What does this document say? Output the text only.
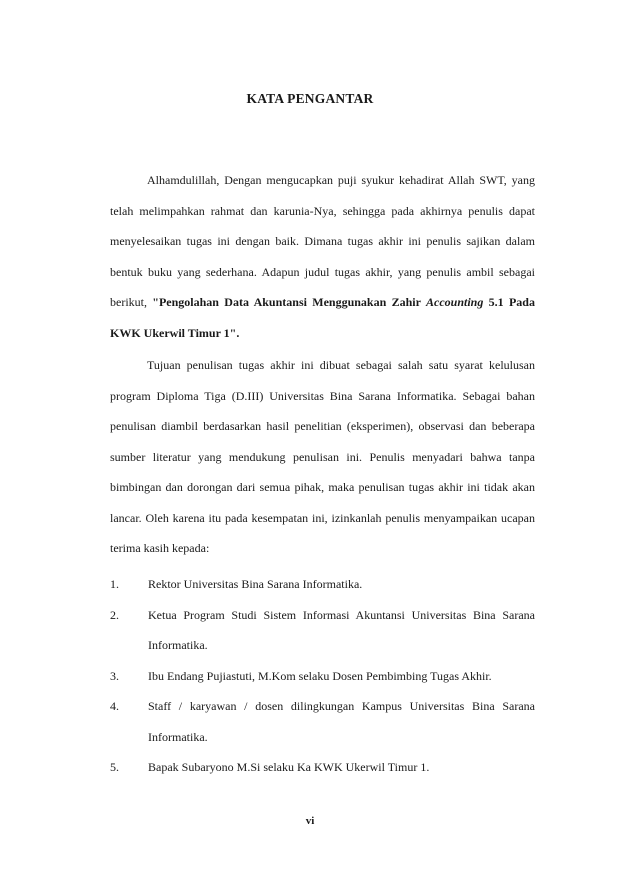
KATA PENGANTAR

Alhamdulillah, Dengan mengucapkan puji syukur kehadirat Allah SWT, yang telah melimpahkan rahmat dan karunia-Nya, sehingga pada akhirnya penulis dapat menyelesaikan tugas ini dengan baik. Dimana tugas akhir ini penulis sajikan dalam bentuk buku yang sederhana. Adapun judul tugas akhir, yang penulis ambil sebagai berikut, "Pengolahan Data Akuntansi Menggunakan Zahir Accounting 5.1 Pada KWK Ukerwil Timur 1".

Tujuan penulisan tugas akhir ini dibuat sebagai salah satu syarat kelulusan program Diploma Tiga (D.III) Universitas Bina Sarana Informatika. Sebagai bahan penulisan diambil berdasarkan hasil penelitian (eksperimen), observasi dan beberapa sumber literatur yang mendukung penulisan ini. Penulis menyadari bahwa tanpa bimbingan dan dorongan dari semua pihak, maka penulisan tugas akhir ini tidak akan lancar. Oleh karena itu pada kesempatan ini, izinkanlah penulis menyampaikan ucapan terima kasih kepada:

1.	Rektor Universitas Bina Sarana Informatika.
2.	Ketua Program Studi Sistem Informasi Akuntansi Universitas Bina Sarana Informatika.
3.	Ibu Endang Pujiastuti, M.Kom selaku Dosen Pembimbing Tugas Akhir.
4.	Staff / karyawan / dosen dilingkungan Kampus Universitas Bina Sarana Informatika.
5.	Bapak Subaryono M.Si selaku Ka KWK Ukerwil Timur 1.
vi
